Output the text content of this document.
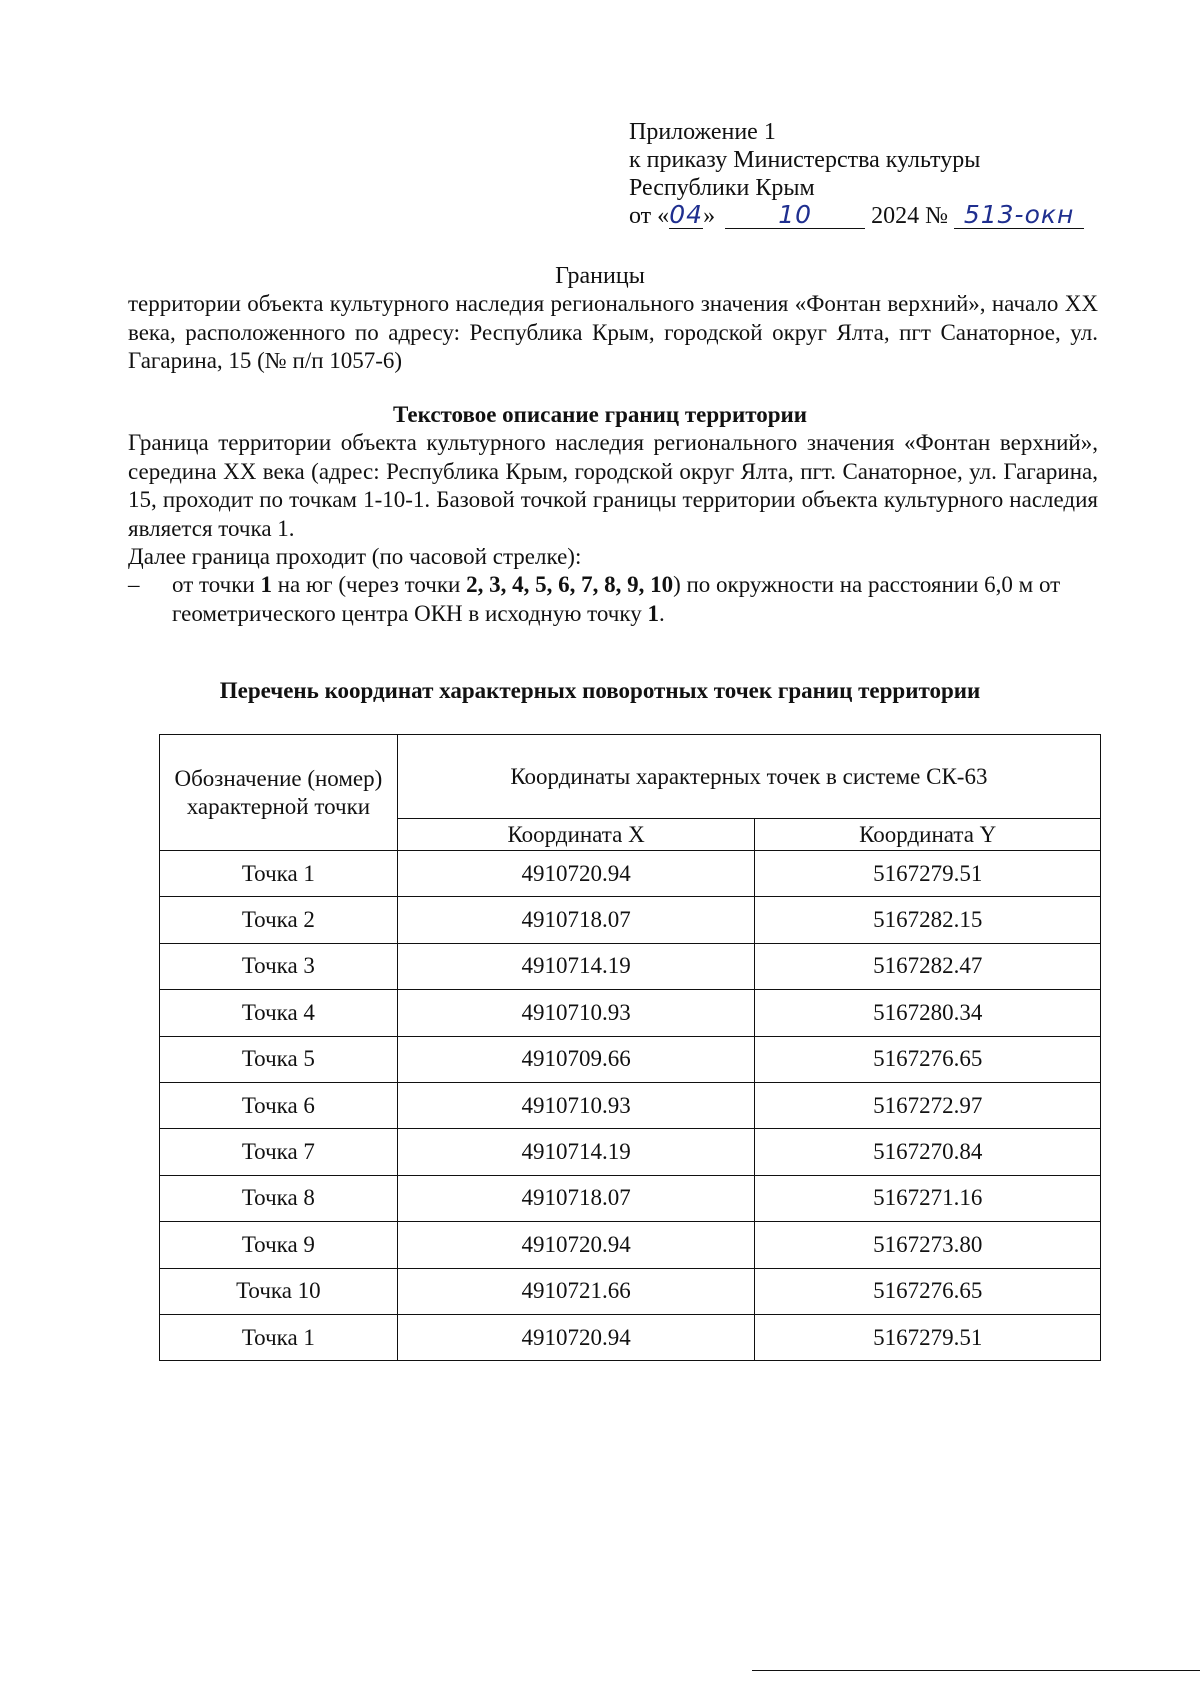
Приложение 1
к приказу Министерства культуры
Республики Крым
от «04»	10 2024 № 513-окн
Границы
территории объекта культурного наследия регионального значения «Фонтан верхний», начало XX века, расположенного по адресу: Республика Крым, городской округ Ялта, пгт Санаторное, ул. Гагарина, 15 (№ п/п 1057-6)
Текстовое описание границ территории
Граница территории объекта культурного наследия регионального значения «Фонтан верхний», середина XX века (адрес: Республика Крым, городской округ Ялта, пгт. Санаторное, ул. Гагарина, 15, проходит по точкам 1-10-1. Базовой точкой границы территории объекта культурного наследия является точка 1.
Далее граница проходит (по часовой стрелке):
– от точки 1 на юг (через точки 2, 3, 4, 5, 6, 7, 8, 9, 10) по окружности на расстоянии 6,0 м от геометрического центра ОКН в исходную точку 1.
Перечень координат характерных поворотных точек границ территории
Обозначение (номер) характерной точки	Координаты характерных точек в системе СК-63	
	Координата X	Координата Y
Точка 1	4910720.94	5167279.51
Точка 2	4910718.07	5167282.15
Точка 3	4910714.19	5167282.47
Точка 4	4910710.93	5167280.34
Точка 5	4910709.66	5167276.65
Точка 6	4910710.93	5167272.97
Точка 7	4910714.19	5167270.84
Точка 8	4910718.07	5167271.16
Точка 9	4910720.94	5167273.80
Точка 10	4910721.66	5167276.65
Точка 1	4910720.94	5167279.51
